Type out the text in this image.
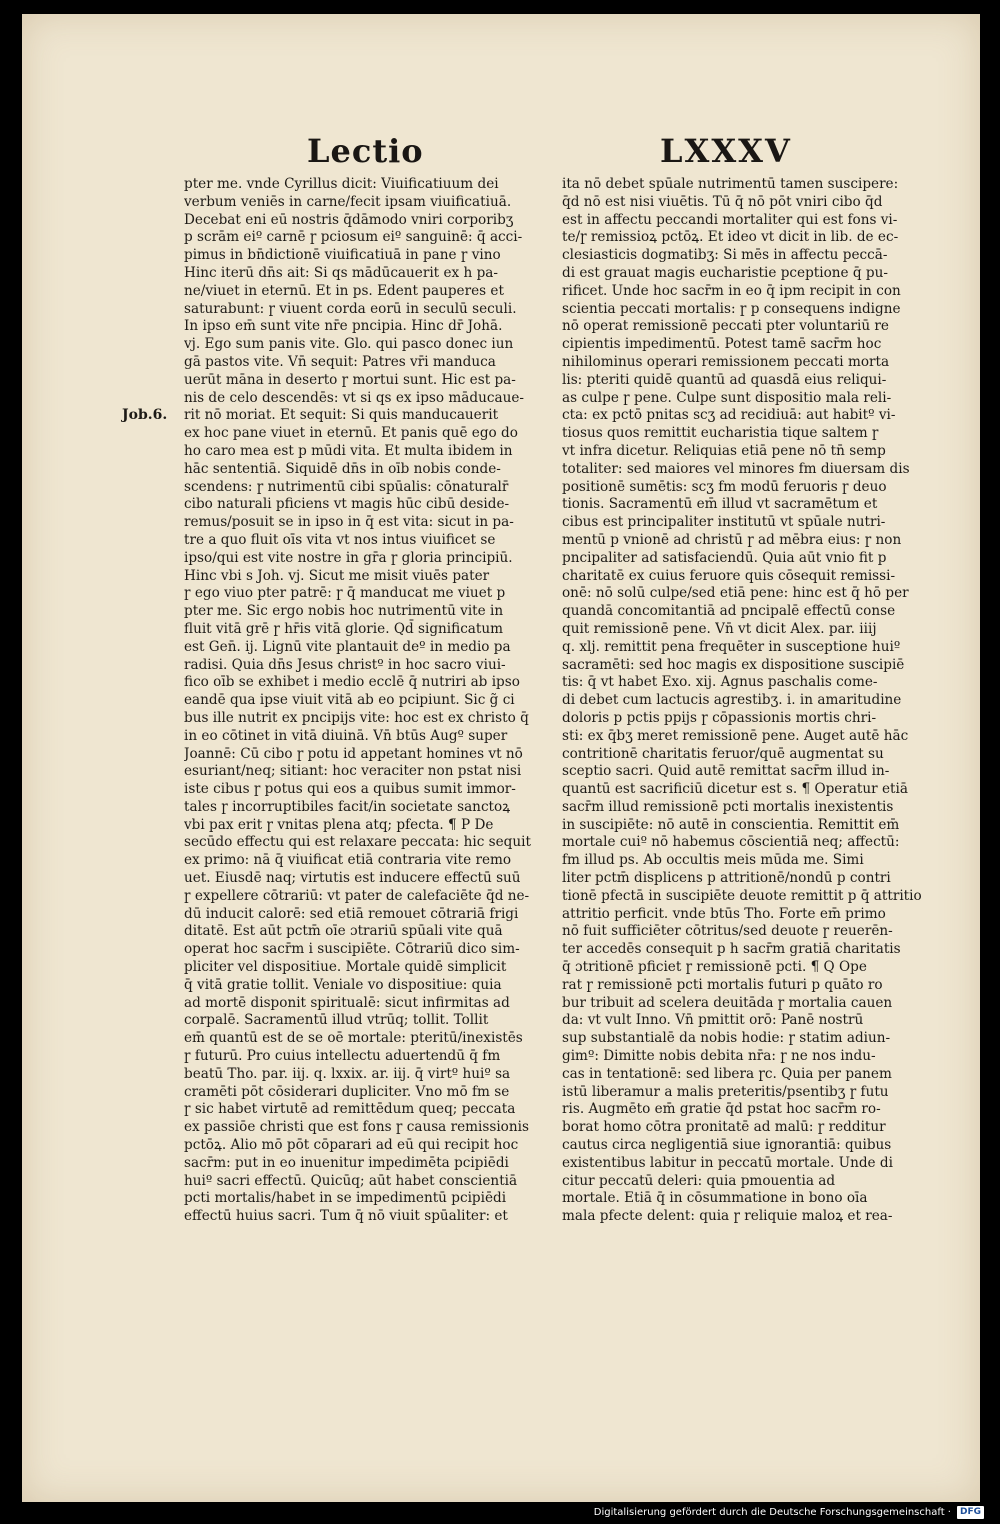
Lectio	LXXXV
Job.6.
pter me. vnde Cyrillus dicit: Viuificatiuum dei
verbum veniēs in carne/fecit ipsam viuificatiuā.
Decebat eni eū nostris q̄dāmodo vniri corporibʒ
p scrām eiº carnē ɼ pciosum eiº sanguinē: q̄ acci-
pimus in bn̄dictionē viuificatiuā in pane ɼ vino
Hinc iterū dn̄s ait: Si qs mādūcauerit ex h pa-
ne/viuet in eternū. Et in ps. Edent pauperes et
saturabunt: ɼ viuent corda eorū in seculū seculi.
In ipso em̄ sunt vite nr̄e pncipia. Hinc dr̄ Johā.
vj. Ego sum panis vite. Glo. qui pasco donec iun
gā pastos vite. Vn̄ sequit: Patres vr̄i manduca
uerūt māna in deserto ɼ mortui sunt. Hic est pa-
nis de celo descendēs: vt si qs ex ipso māducaue-
rit nō moriat. Et sequit: Si quis manducauerit
ex hoc pane viuet in eternū. Et panis quē ego do
ho caro mea est p mūdi vita. Et multa ibidem in
hāc sententiā. Siquidē dn̄s in oīb nobis conde-
scendens: ɼ nutrimentū cibi spūalis: cōnaturalr̄
cibo naturali pficiens vt magis hūc cibū deside-
remus/posuit se in ipso in q̄ est vita: sicut in pa-
tre a quo fluit oīs vita vt nos intus viuificet se
ipso/qui est vite nostre in gr̄a ɼ gloria principiū.
Hinc vbi s Joh. vj. Sicut me misit viuēs pater
ɼ ego viuo pter patrē: ɼ q̄ manducat me viuet p
pter me. Sic ergo nobis hoc nutrimentū vite in
fluit vitā grē ɼ hr̄is vitā glorie. Qd̄ significatum
est Gen̄. ij. Lignū vite plantauit deº in medio pa
radisi. Quia dn̄s Jesus christº in hoc sacro viui-
fico oīb se exhibet i medio ecclē q̄ nutriri ab ipso
eandē qua ipse viuit vitā ab eo pcipiunt. Sic g̃ ci
bus ille nutrit ex pncipijs vite: hoc est ex christo q̄
in eo cōtinet in vitā diuinā. Vn̄ btūs Augº super
Joannē: Cū cibo ɼ potu id appetant homines vt nō
esuriant/neq; sitiant: hoc veraciter non pstat nisi
iste cibus ɼ potus qui eos a quibus sumit immor-
tales ɼ incorruptibiles facit/in societate sanctoꝝ
vbi pax erit ɼ vnitas plena atq; pfecta. ¶ P De
secūdo effectu qui est relaxare peccata: hic sequit
ex primo: nā q̄ viuificat etiā contraria vite remo
uet. Eiusdē naq; virtutis est inducere effectū suū
ɼ expellere cōtrariū: vt pater de calefaciēte q̄d ne-
dū inducit calorē: sed etiā remouet cōtrariā frigi
ditatē. Est aūt pctm̄ oīe ɔtrariū spūali vite quā
operat hoc sacr̄m i suscipiēte. Cōtrariū dico sim-
pliciter vel dispositiue. Mortale quidē simplicit
q̄ vitā gratie tollit. Veniale vo dispositiue: quia
ad mortē disponit spiritualē: sicut infirmitas ad
corpalē. Sacramentū illud vtrūq; tollit. Tollit
em̄ quantū est de se oē mortale: pteritū/inexistēs
ɼ futurū. Pro cuius intellectu aduertendū q̄ fm
beatū Tho. par. iij. q. lxxix. ar. iij. q̄ virtº huiº sa
cramēti pōt cōsiderari dupliciter. Vno mō fm se
ɼ sic habet virtutē ad remittēdum queq; peccata
ex passiōe christi que est fons ɼ causa remissionis
pctōꝝ. Alio mō pōt cōparari ad eū qui recipit hoc
sacr̄m: put in eo inuenitur impedimēta pcipiēdi
huiº sacri effectū. Quicūq; aūt habet conscientiā
pcti mortalis/habet in se impedimentū pcipiēdi
effectū huius sacri. Tum q̄ nō viuit spūaliter: et
ita nō debet spūale nutrimentū tamen suscipere:
q̄d nō est nisi viuētis. Tū q̄ nō pōt vniri cibo q̄d
est in affectu peccandi mortaliter qui est fons vi-
te/ɼ remissioꝝ pctōꝝ. Et ideo vt dicit in lib. de ec-
clesiasticis dogmatibʒ: Si mēs in affectu peccā-
di est grauat magis eucharistie pceptione q̄ pu-
rificet. Unde hoc sacr̄m in eo q̄ ipm recipit in con
scientia peccati mortalis: ɼ p consequens indigne
nō operat remissionē peccati pter voluntariū re
cipientis impedimentū. Potest tamē sacr̄m hoc
nihilominus operari remissionem peccati morta
lis: pteriti quidē quantū ad quasdā eius reliqui-
as culpe ɼ pene. Culpe sunt dispositio mala reli-
cta: ex pctō pnitas scʒ ad recidiuā: aut habitº vi-
tiosus quos remittit eucharistia tique saltem ɼ
vt infra dicetur. Reliquias etiā pene nō tn̄ semp
totaliter: sed maiores vel minores fm diuersam dis
positionē sumētis: scʒ fm modū feruoris ɼ deuo
tionis. Sacramentū em̄ illud vt sacramētum et
cibus est principaliter institutū vt spūale nutri-
mentū p vnionē ad christū ɼ ad mēbra eius: ɼ non
pncipaliter ad satisfaciendū. Quia aūt vnio fit p
charitatē ex cuius feruore quis cōsequit remissi-
onē: nō solū culpe/sed etiā pene: hinc est q̄ hō per
quandā concomitantiā ad pncipalē effectū conse
quit remissionē pene. Vn̄ vt dicit Alex. par. iiij
q. xlj. remittit pena frequēter in susceptione huiº
sacramēti: sed hoc magis ex dispositione suscipiē
tis: q̄ vt habet Exo. xij. Agnus paschalis come-
di debet cum lactucis agrestibʒ. i. in amaritudine
doloris p pctis ppijs ɼ cōpassionis mortis chri-
sti: ex q̄bʒ meret remissionē pene. Auget autē hāc
contritionē charitatis feruor/quē augmentat su
sceptio sacri. Quid autē remittat sacr̄m illud in-
quantū est sacrificiū dicetur est s. ¶ Operatur etiā
sacr̄m illud remissionē pcti mortalis inexistentis
in suscipiēte: nō autē in conscientia. Remittit em̄
mortale cuiº nō habemus cōscientiā neq; affectū:
fm illud ps. Ab occultis meis mūda me. Simi
liter pctm̄ displicens p attritionē/nondū p contri
tionē pfectā in suscipiēte deuote remittit p q̄ attritio
attritio perficit. vnde btūs Tho. Forte em̄ primo
nō fuit sufficiēter cōtritus/sed deuote ɼ reuerēn-
ter accedēs consequit p h sacr̄m gratiā charitatis
q̄ ɔtritionē pficiet ɼ remissionē pcti. ¶ Q Ope
rat ɼ remissionē pcti mortalis futuri p quāto ro
bur tribuit ad scelera deuitāda ɼ mortalia cauen
da: vt vult Inno. Vn̄ pmittit orō: Panē nostrū
sup substantialē da nobis hodie: ɼ statim adiun-
gimº: Dimitte nobis debita nr̄a: ɼ ne nos indu-
cas in tentationē: sed libera ɼc. Quia per panem
istū liberamur a malis preteritis/psentibʒ ɼ futu
ris. Augmēto em̄ gratie q̄d pstat hoc sacr̄m ro-
borat homo cōtra pronitatē ad malū: ɼ redditur
cautus circa negligentiā siue ignorantiā: quibus
existentibus labitur in peccatū mortale. Unde di
citur peccatū deleri: quia pmouentia ad
mortale. Etiā q̄ in cōsummatione in bono oīa
mala pfecte delent: quia ɼ reliquie maloꝝ et rea-
Digitalisierung gefördert durch die Deutsche Forschungsgemeinschaft ·	DFG
